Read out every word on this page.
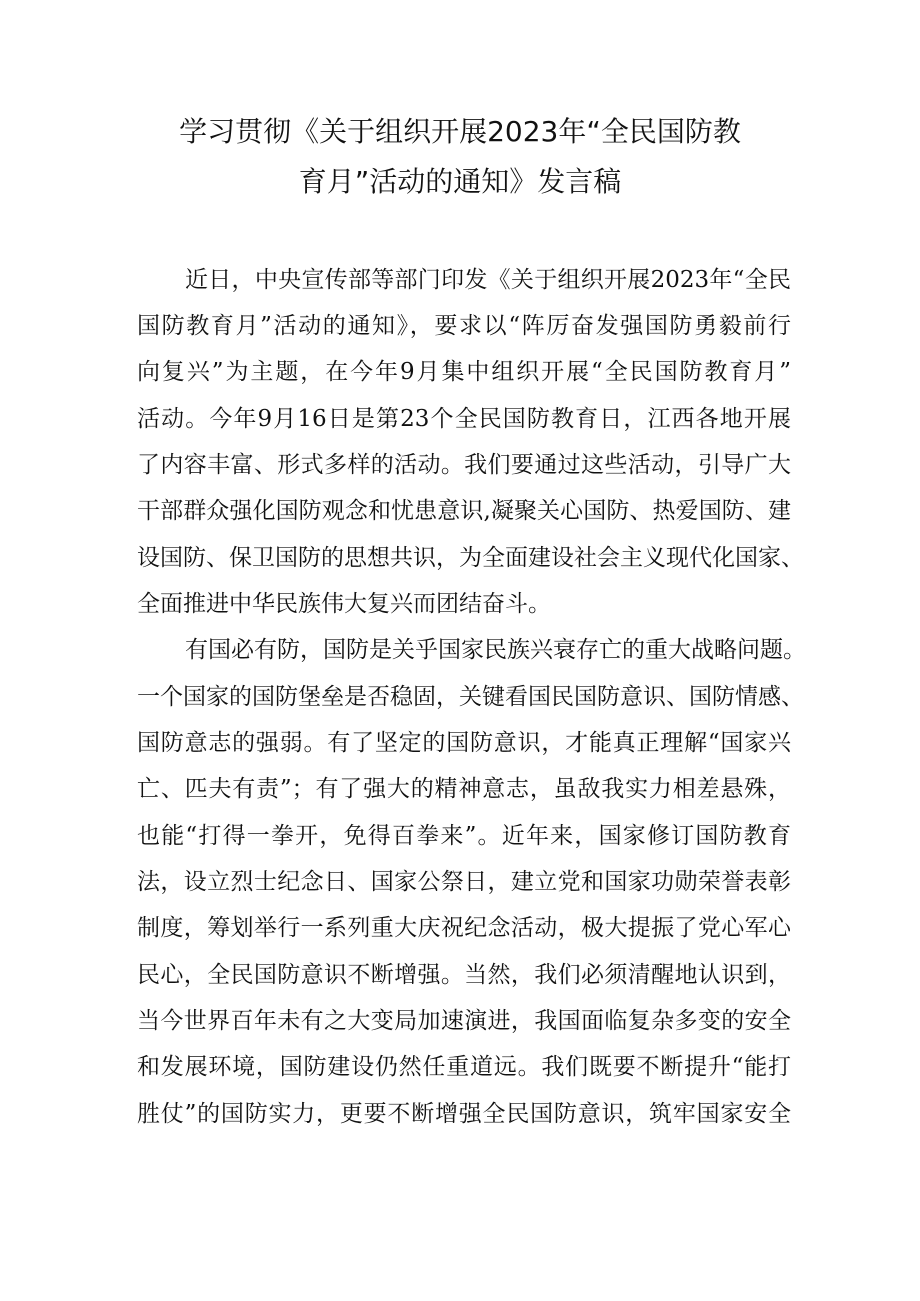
学习贯彻《关于组织开展2023年“全民国防教
育月”活动的通知》发言稿
近日，中央宣传部等部门印发《关于组织开展2023年“全民
国防教育月”活动的通知》，要求以“阵厉奋发强国防勇毅前行
向复兴”为主题，在今年9月集中组织开展“全民国防教育月”
活动。今年9月16日是第23个全民国防教育日，江西各地开展
了内容丰富、形式多样的活动。我们要通过这些活动，引导广大
干部群众强化国防观念和忧患意识,凝聚关心国防、热爱国防、建
设国防、保卫国防的思想共识，为全面建设社会主义现代化国家、
全面推进中华民族伟大复兴而团结奋斗。
有国必有防，国防是关乎国家民族兴衰存亡的重大战略问题。
一个国家的国防堡垒是否稳固，关键看国民国防意识、国防情感、
国防意志的强弱。有了坚定的国防意识，才能真正理解“国家兴
亡、匹夫有责”；有了强大的精神意志，虽敌我实力相差悬殊，
也能“打得一拳开，免得百拳来”。近年来，国家修订国防教育
法，设立烈士纪念日、国家公祭日，建立党和国家功勋荣誉表彰
制度，筹划举行一系列重大庆祝纪念活动，极大提振了党心军心
民心，全民国防意识不断增强。当然，我们必须清醒地认识到，
当今世界百年未有之大变局加速演进，我国面临复杂多变的安全
和发展环境，国防建设仍然任重道远。我们既要不断提升“能打
胜仗”的国防实力，更要不断增强全民国防意识，筑牢国家安全
